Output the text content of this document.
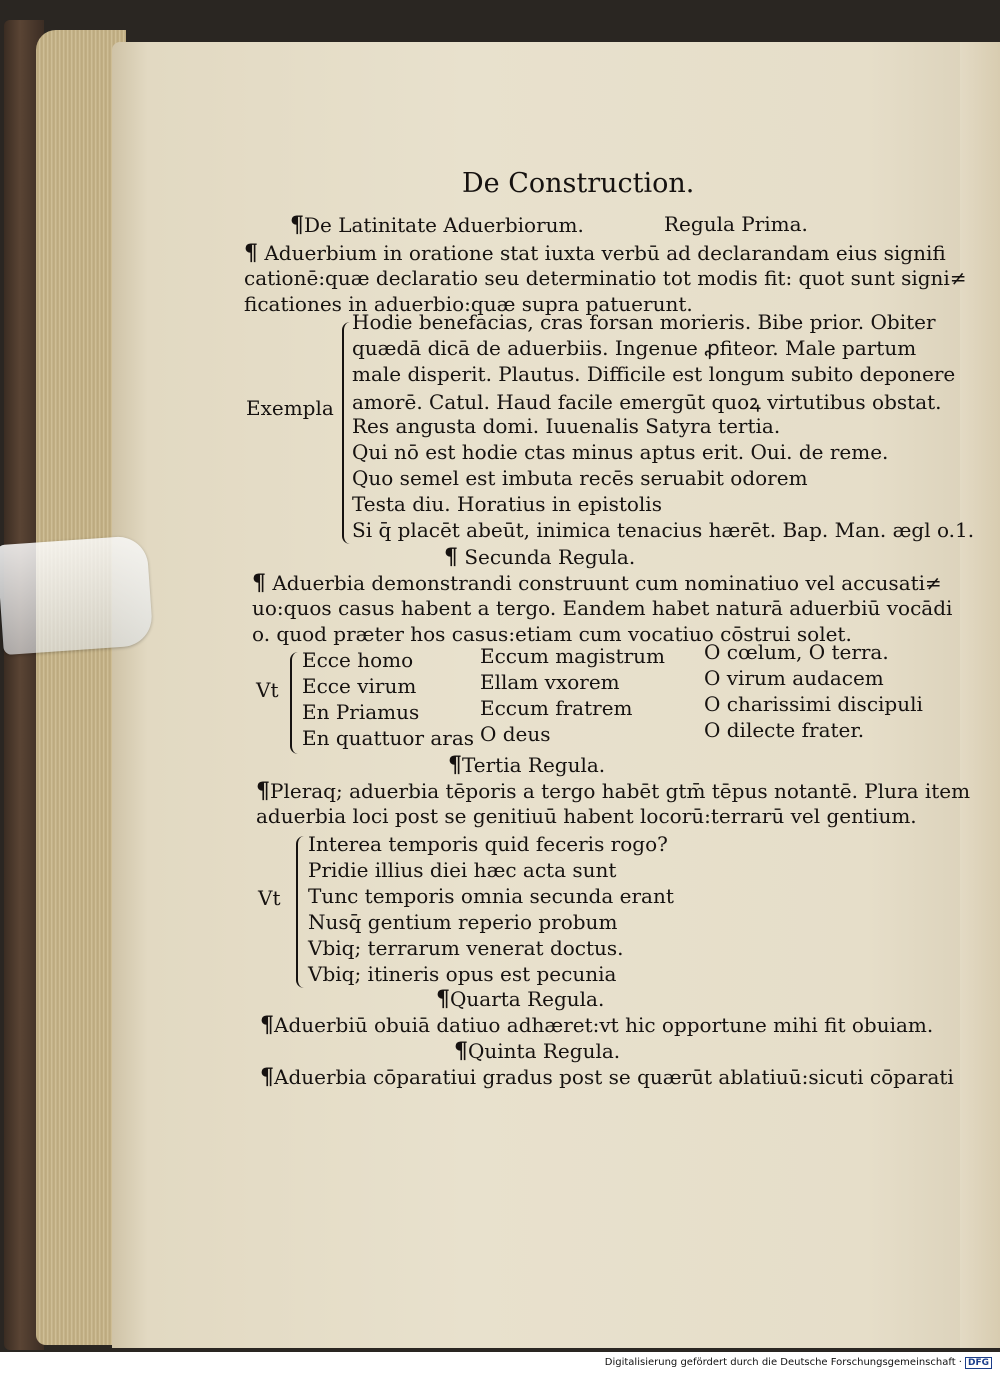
De Construction.
¶De Latinitate Aduerbiorum.	Regula Prima.
¶ Aduerbium in oratione stat iuxta verbū ad declarandam eius signifi
cationē:quæ declaratio seu determinatio tot modis fit: quot sunt signi≠
ficationes in aduerbio:quæ supra patuerunt.
Exempla
Hodie benefacias, cras forsan morieris. Bibe prior. Obiter
quædā dicā de aduerbiis. Ingenue ꝓfiteor. Male partum
male disperit. Plautus. Difficile est longum subito deponere
amorē. Catul. Haud facile emergūt quoꝝ virtutibus obstat.
Res angusta domi. Iuuenalis Satyra tertia.
Qui nō est hodie ctas minus aptus erit. Oui. de reme.
Quo semel est imbuta recēs seruabit odorem
Testa diu. Horatius in epistolis
Si q̄ placēt abeūt, inimica tenacius hærēt. Bap. Man. ægl o.1.
¶ Secunda Regula.
¶ Aduerbia demonstrandi construunt cum nominatiuo vel accusati≠
uo:quos casus habent a tergo. Eandem habet naturā aduerbiū vocādi
o. quod præter hos casus:etiam cum vocatiuo cōstrui solet.
Vt
Ecce homo
Ecce virum
En Priamus
En quattuor aras
Eccum magistrum
Ellam vxorem
Eccum fratrem
O deus
O cœlum, O terra.
O virum audacem
O charissimi discipuli
O dilecte frater.
¶Tertia Regula.
¶Pleraq; aduerbia tēporis a tergo habēt gtm̄ tēpus notantē. Plura item
aduerbia loci post se genitiuū habent locorū:terrarū vel gentium.
Vt
Interea temporis quid feceris rogo?
Pridie illius diei hæc acta sunt
Tunc temporis omnia secunda erant
Nusq̄ gentium reperio probum
Vbiq; terrarum venerat doctus.
Vbiq; itineris opus est pecunia
¶Quarta Regula.
¶Aduerbiū obuiā datiuo adhæret:vt hic opportune mihi fit obuiam.
¶Quinta Regula.
¶Aduerbia cōparatiui gradus post se quærūt ablatiuū:sicuti cōparati
Digitalisierung gefördert durch die Deutsche Forschungsgemeinschaft · DFG
